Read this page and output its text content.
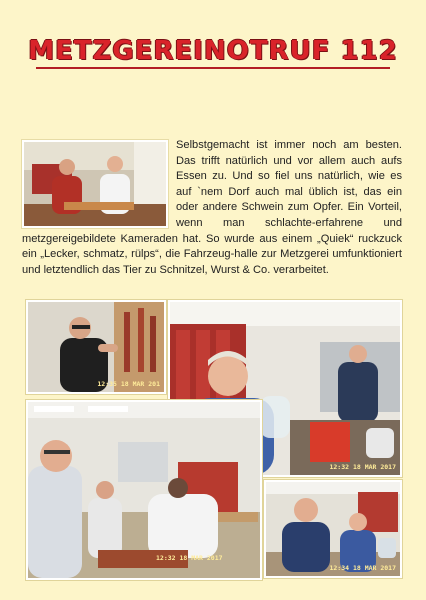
METZGEREINOTRUF 112
Selbstgemacht ist immer noch am besten. Das trifft natürlich und vor allem auch aufs Essen zu. Und so fiel uns natürlich, wie es auf `nem Dorf auch mal üblich ist, das ein oder andere Schwein zum Opfer. Ein Vorteil, wenn man schlachte-erfahrene und metzgereigebildete Kameraden hat. So wurde aus einem „Quiek“ ruckzuck ein „Lecker, schmatz, rülps“, die Fahrzeug-halle zur Metzgerei umfunktioniert und letztendlich das Tier zu Schnitzel, Wurst & Co. verarbeitet.
12:35 18 MAR 201
12:32 18 MAR 2017
12:32 18 MAR 2017
12:34 18 MAR 2017
